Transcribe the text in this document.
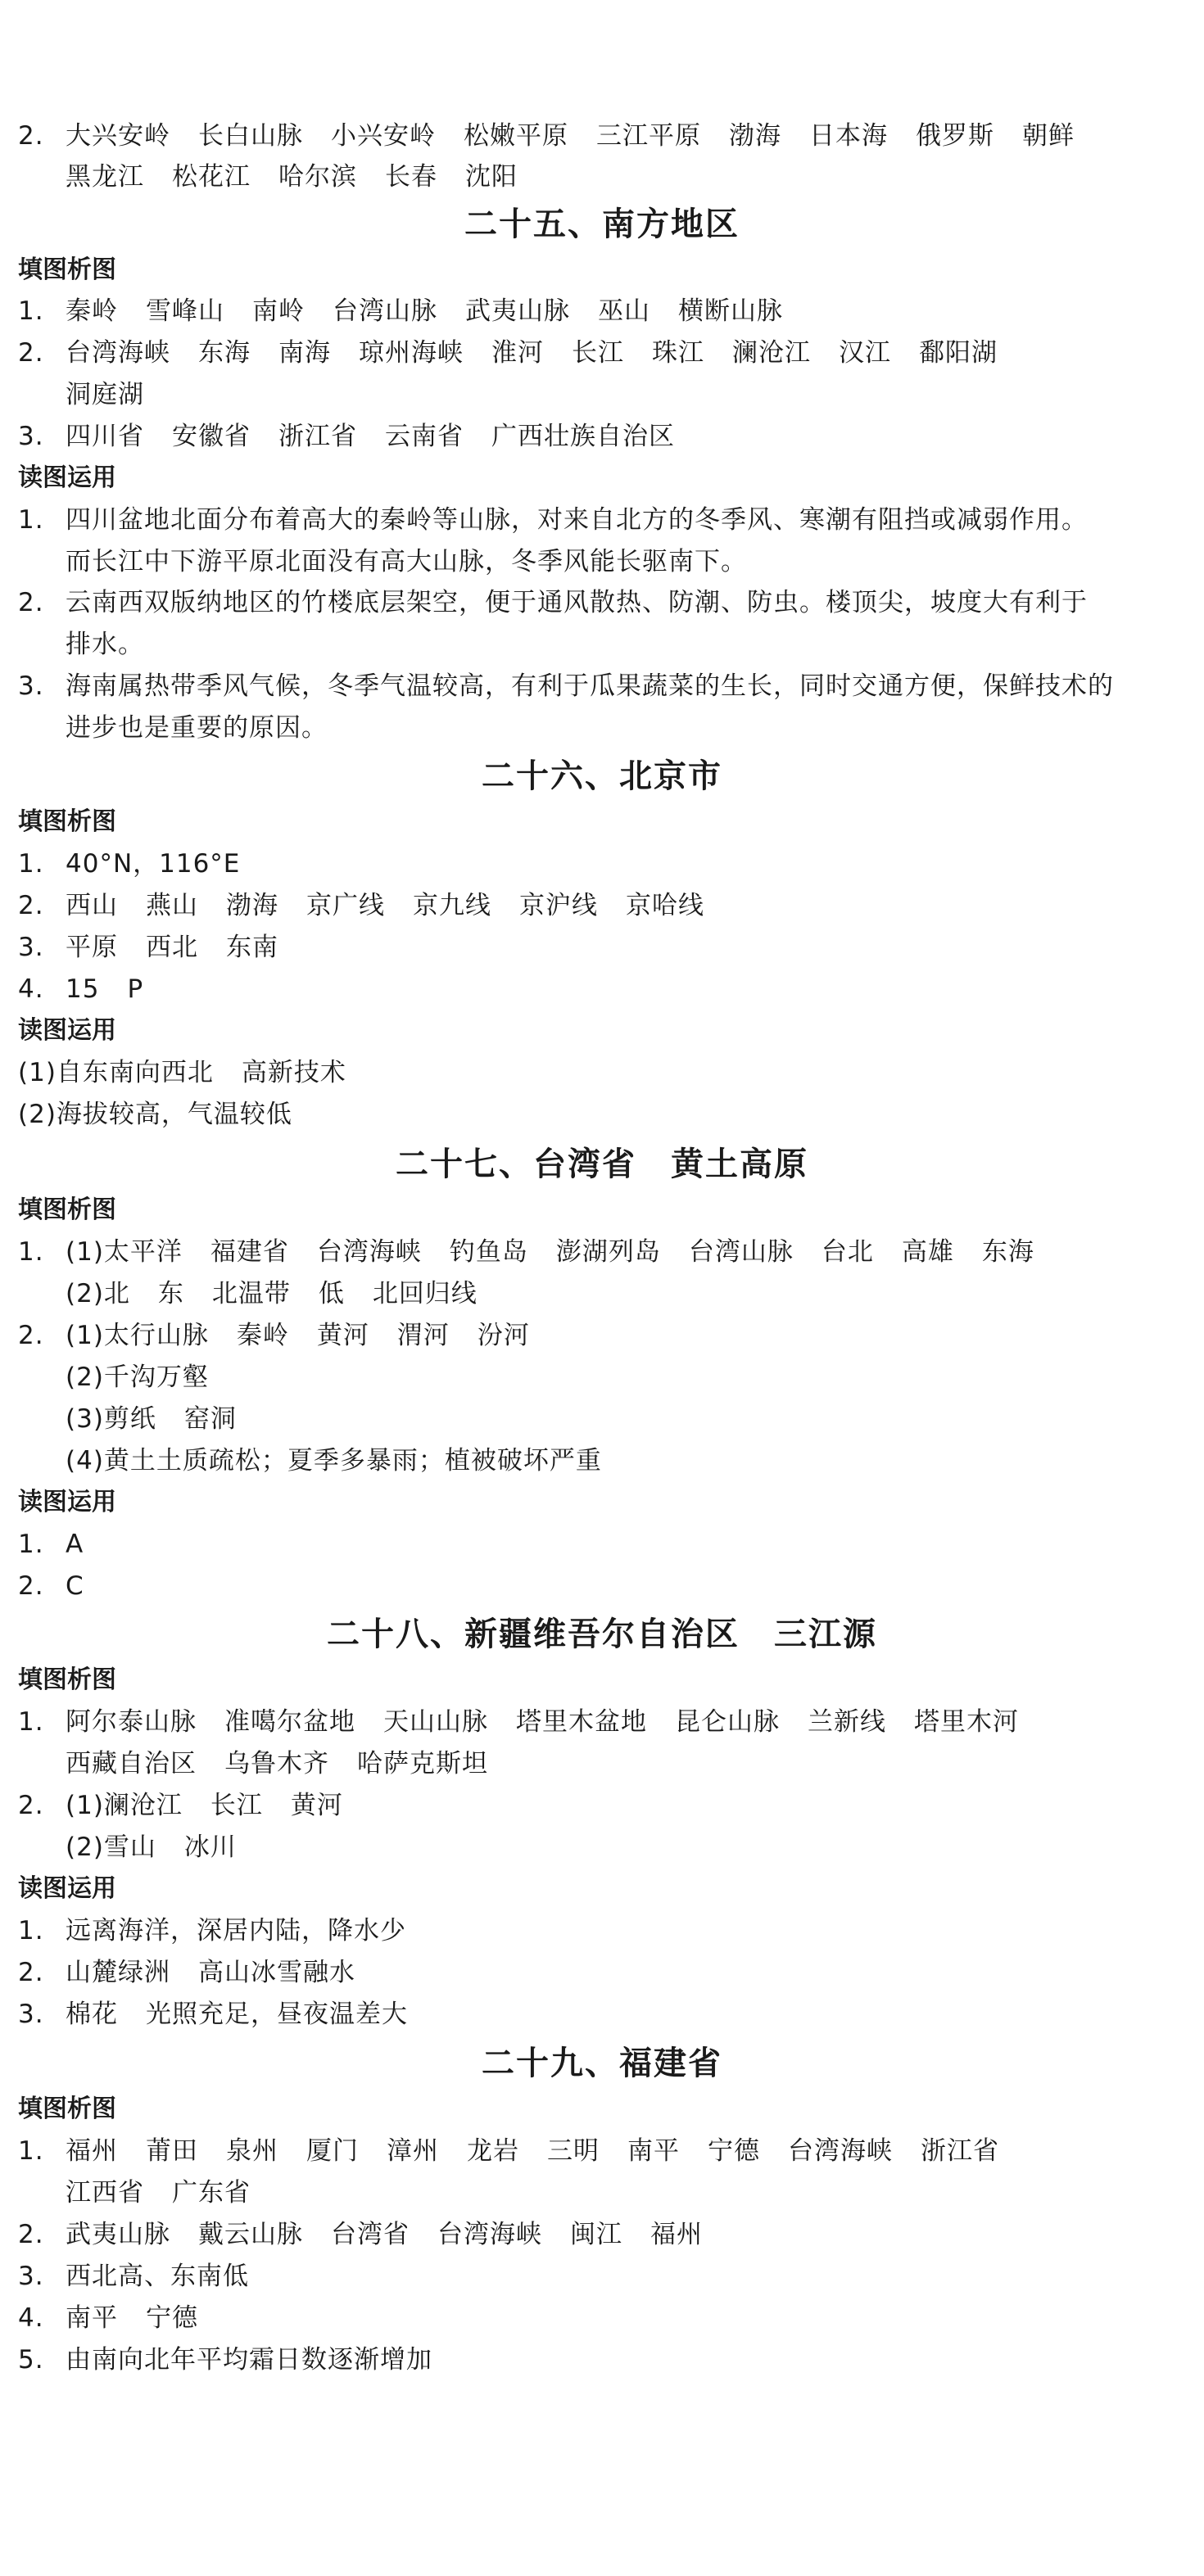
2. 大兴安岭 长白山脉 小兴安岭 松嫩平原 三江平原 渤海 日本海 俄罗斯 朝鲜
黑龙江 松花江 哈尔滨 长春 沈阳
二十五、南方地区
填图析图
1. 秦岭 雪峰山 南岭 台湾山脉 武夷山脉 巫山 横断山脉
2. 台湾海峡 东海 南海 琼州海峡 淮河 长江 珠江 澜沧江 汉江 鄱阳湖
洞庭湖
3. 四川省 安徽省 浙江省 云南省 广西壮族自治区
读图运用
1. 四川盆地北面分布着高大的秦岭等山脉，对来自北方的冬季风、寒潮有阻挡或减弱作用。
而长江中下游平原北面没有高大山脉，冬季风能长驱南下。
2. 云南西双版纳地区的竹楼底层架空，便于通风散热、防潮、防虫。楼顶尖，坡度大有利于
排水。
3. 海南属热带季风气候，冬季气温较高，有利于瓜果蔬菜的生长，同时交通方便，保鲜技术的
进步也是重要的原因。
二十六、北京市
填图析图
1. 40°N，116°E
2. 西山 燕山 渤海 京广线 京九线 京沪线 京哈线
3. 平原 西北 东南
4. 15 P
读图运用
(1)自东南向西北 高新技术
(2)海拔较高，气温较低
二十七、台湾省　黄土高原
填图析图
1. (1)太平洋 福建省 台湾海峡 钓鱼岛 澎湖列岛 台湾山脉 台北 高雄 东海
(2)北 东 北温带 低 北回归线
2. (1)太行山脉 秦岭 黄河 渭河 汾河
(2)千沟万壑
(3)剪纸 窑洞
(4)黄土土质疏松；夏季多暴雨；植被破坏严重
读图运用
1. A
2. C
二十八、新疆维吾尔自治区　三江源
填图析图
1. 阿尔泰山脉 准噶尔盆地 天山山脉 塔里木盆地 昆仑山脉 兰新线 塔里木河
西藏自治区 乌鲁木齐 哈萨克斯坦
2. (1)澜沧江 长江 黄河
(2)雪山 冰川
读图运用
1. 远离海洋，深居内陆，降水少
2. 山麓绿洲 高山冰雪融水
3. 棉花 光照充足，昼夜温差大
二十九、福建省
填图析图
1. 福州 莆田 泉州 厦门 漳州 龙岩 三明 南平 宁德 台湾海峡 浙江省
江西省 广东省
2. 武夷山脉 戴云山脉 台湾省 台湾海峡 闽江 福州
3. 西北高、东南低
4. 南平 宁德
5. 由南向北年平均霜日数逐渐增加
